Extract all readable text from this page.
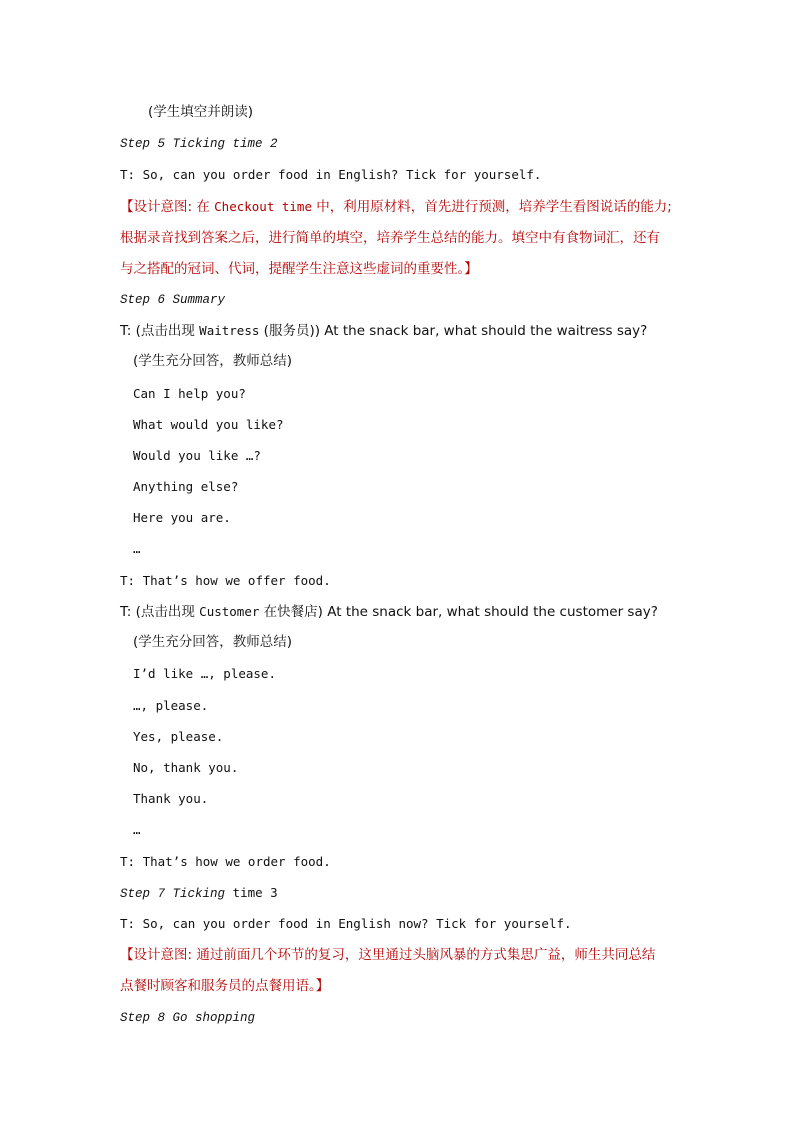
(学生填空并朗读)
Step 5 Ticking time 2
T: So, can you order food in English? Tick for yourself.
【设计意图: 在 Checkout time 中，利用原材料，首先进行预测，培养学生看图说话的能力;
根据录音找到答案之后，进行简单的填空，培养学生总结的能力。填空中有食物词汇，还有
与之搭配的冠词、代词，提醒学生注意这些虚词的重要性。】
Step 6 Summary
T: (点击出现 Waitress (服务员)) At the snack bar, what should the waitress say?
(学生充分回答，教师总结)
Can I help you?
What would you like?
Would you like …?
Anything else?
Here you are.
…
T: That’s how we offer food.
T: (点击出现 Customer 在快餐店) At the snack bar, what should the customer say?
(学生充分回答，教师总结)
I’d like …, please.
…, please.
Yes, please.
No, thank you.
Thank you.
…
T: That’s how we order food.
Step 7 Ticking time 3
T: So, can you order food in English now? Tick for yourself.
【设计意图: 通过前面几个环节的复习，这里通过头脑风暴的方式集思广益，师生共同总结
点餐时顾客和服务员的点餐用语。】
Step 8 Go shopping
